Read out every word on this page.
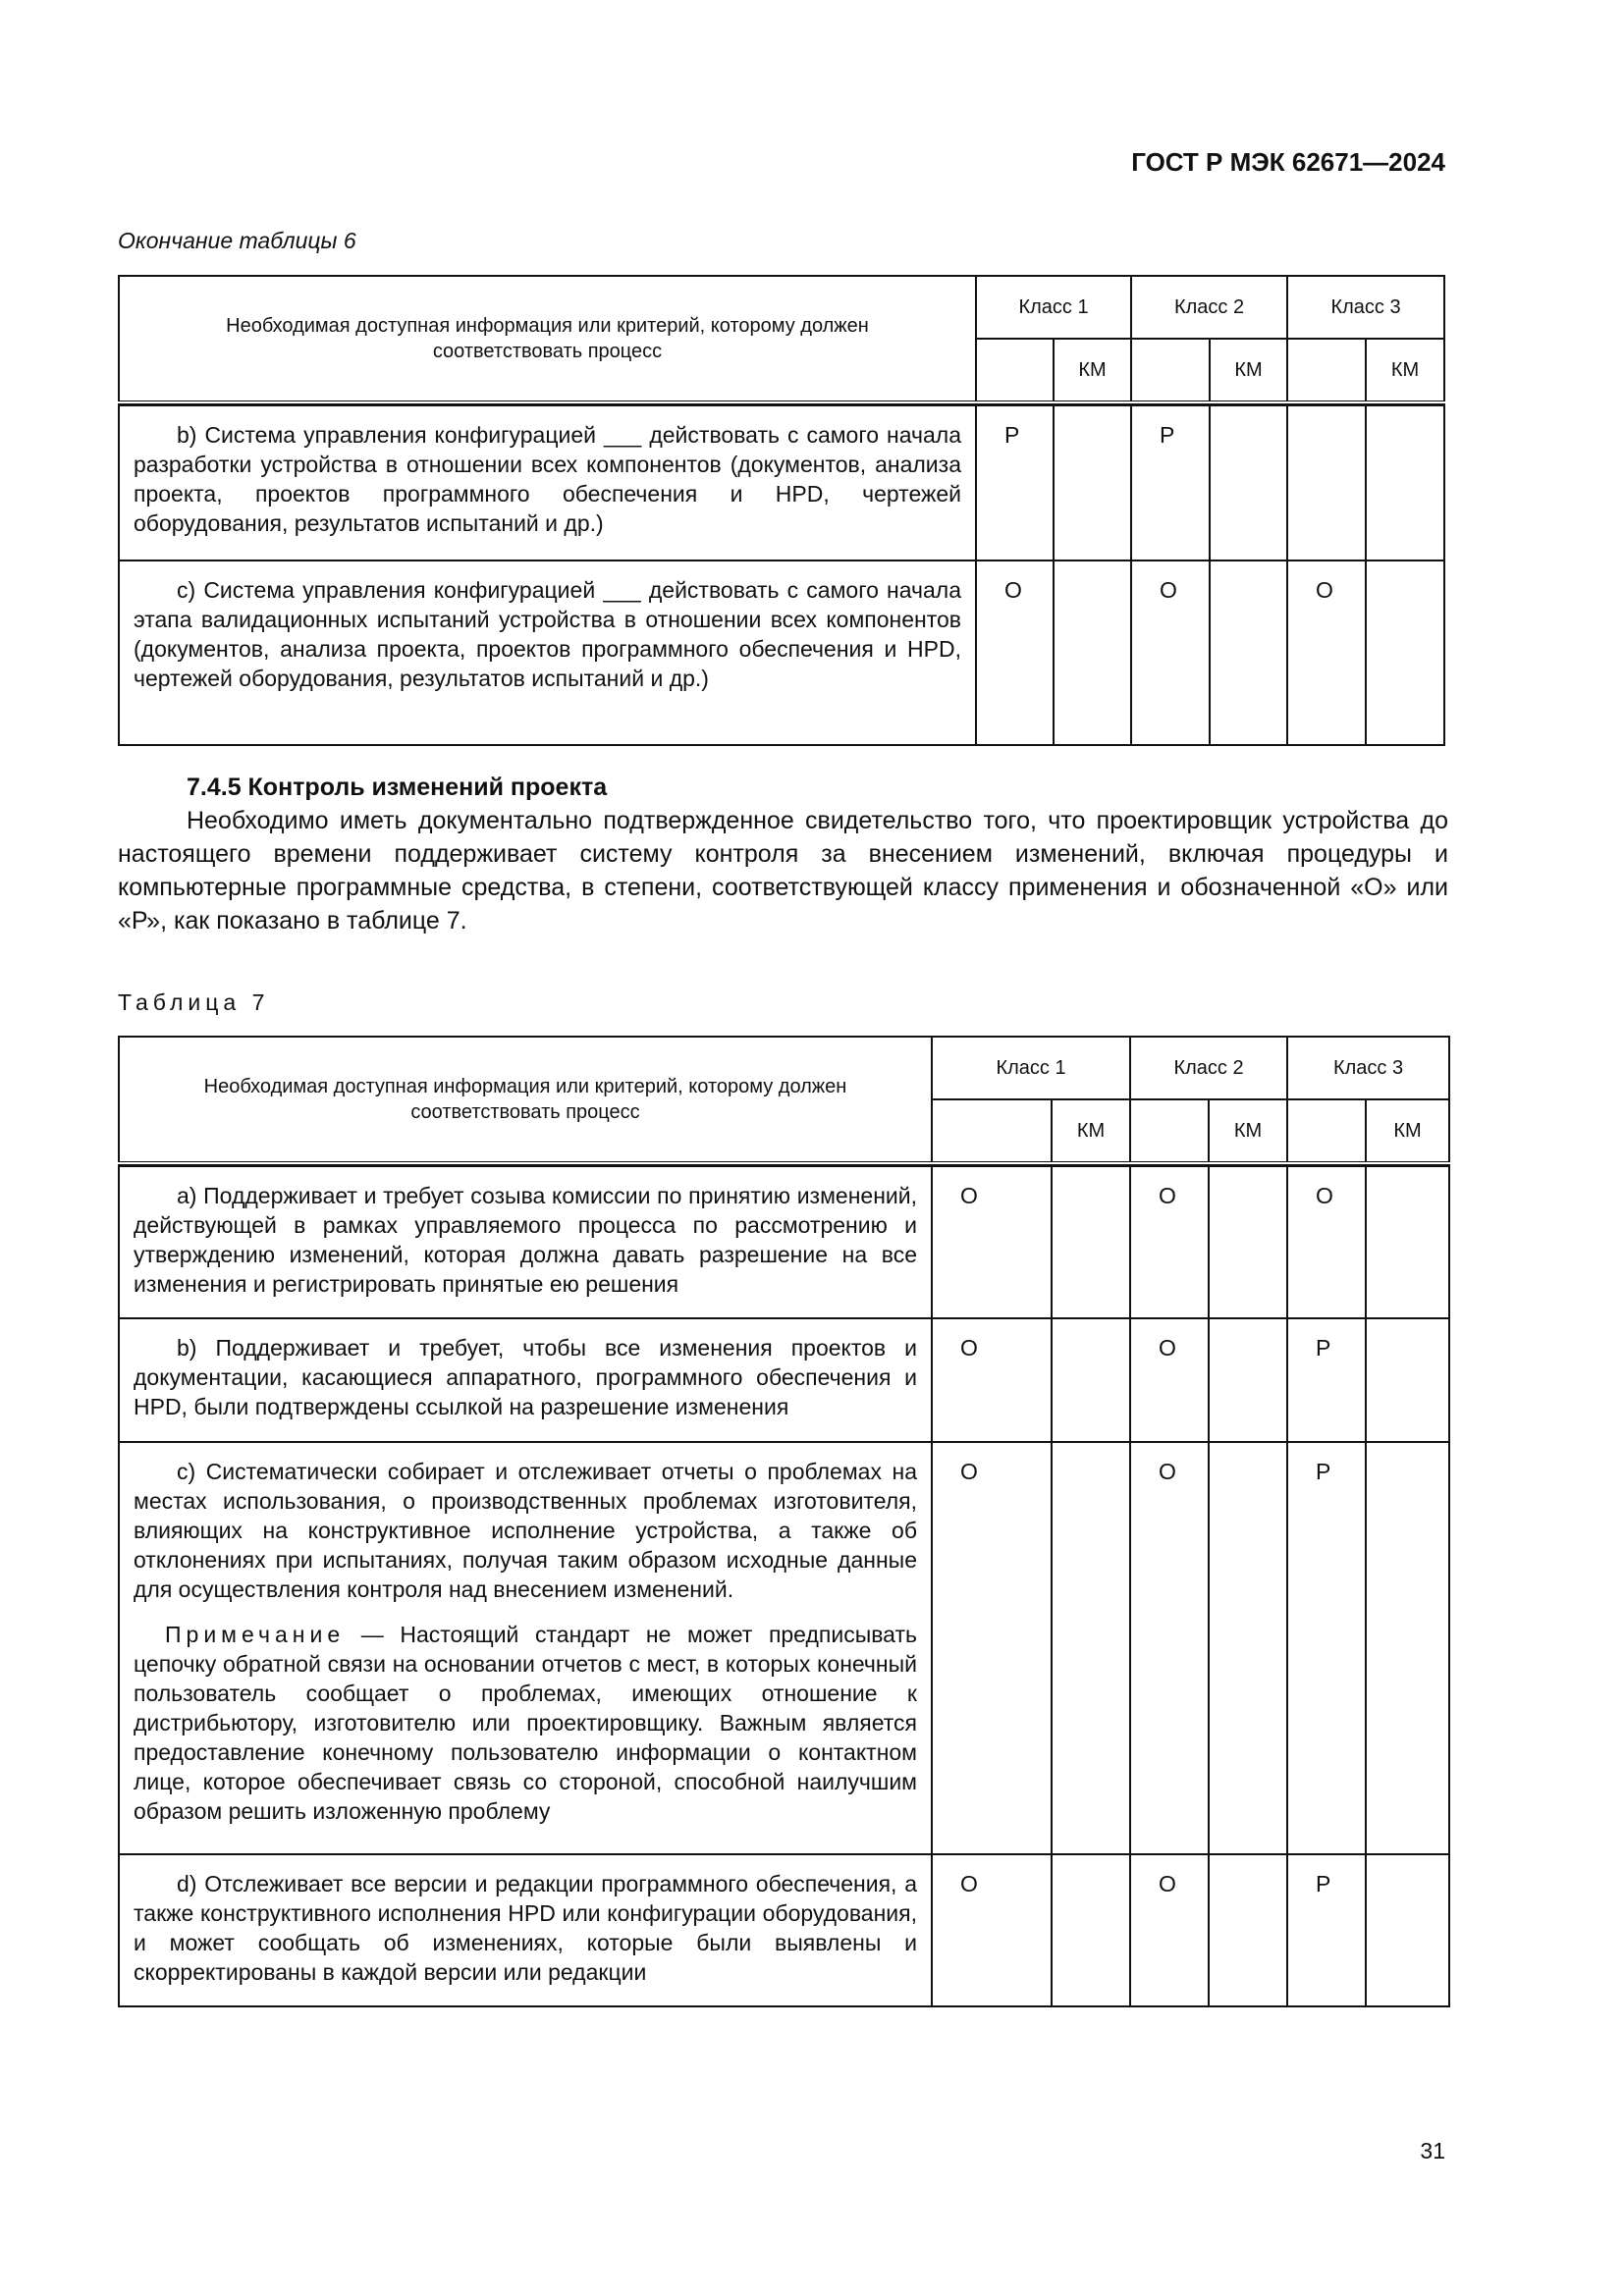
ГОСТ Р МЭК 62671—2024
Окончание таблицы 6
Необходимая доступная информация или критерий, которому должен соответствовать процесс	Класс 1		Класс 2		Класс 3	
		КМ		КМ		КМ

b) Система управления конфигурацией ___ действовать с самого начала разработки устройства в отношении всех компонентов (документов, анализа проекта, проектов программного обеспечения и HPD, чертежей оборудования, результатов испытаний и др.)	P		P			

c) Система управления конфигурацией ___ действовать с самого начала этапа валидационных испытаний устройства в отношении всех компонентов (документов, анализа проекта, проектов программного обеспечения и HPD, чертежей оборудования, результатов испытаний и др.)	O		O		O	
7.4.5 Контроль изменений проекта
Необходимо иметь документально подтвержденное свидетельство того, что проектировщик устройства до настоящего времени поддерживает систему контроля за внесением изменений, включая процедуры и компьютерные программные средства, в степени, соответствующей классу применения и обозначенной «О» или «Р», как показано в таблице 7.
Таблица 7
Необходимая доступная информация или критерий, которому должен соответствовать процесс	Класс 1		Класс 2		Класс 3	
		КМ		КМ		КМ

a) Поддерживает и требует созыва комиссии по принятию изменений, действующей в рамках управляемого процесса по рассмотрению и утверждению изменений, которая должна давать разрешение на все изменения и регистрировать принятые ею решения	O		O		O	

b) Поддерживает и требует, чтобы все изменения проектов и документации, касающиеся аппаратного, программного обеспечения и HPD, были подтверждены ссылкой на разрешение изменения	O		O		P	

c) Систематически собирает и отслеживает отчеты о проблемах на местах использования, о производственных проблемах изготовителя, влияющих на конструктивное исполнение устройства, а также об отклонениях при испытаниях, получая таким образом исходные данные для осуществления контроля над внесением изменений.
Примечание — Настоящий стандарт не может предписывать цепочку обратной связи на основании отчетов с мест, в которых конечный пользователь сообщает о проблемах, имеющих отношение к дистрибьютору, изготовителю или проектировщику. Важным является предоставление конечному пользователю информации о контактном лице, которое обеспечивает связь со стороной, способной наилучшим образом решить изложенную проблему	O		O		P	

d) Отслеживает все версии и редакции программного обеспечения, а также конструктивного исполнения HPD или конфигурации оборудования, и может сообщать об изменениях, которые были выявлены и скорректированы в каждой версии или редакции	O		O		P	
31
